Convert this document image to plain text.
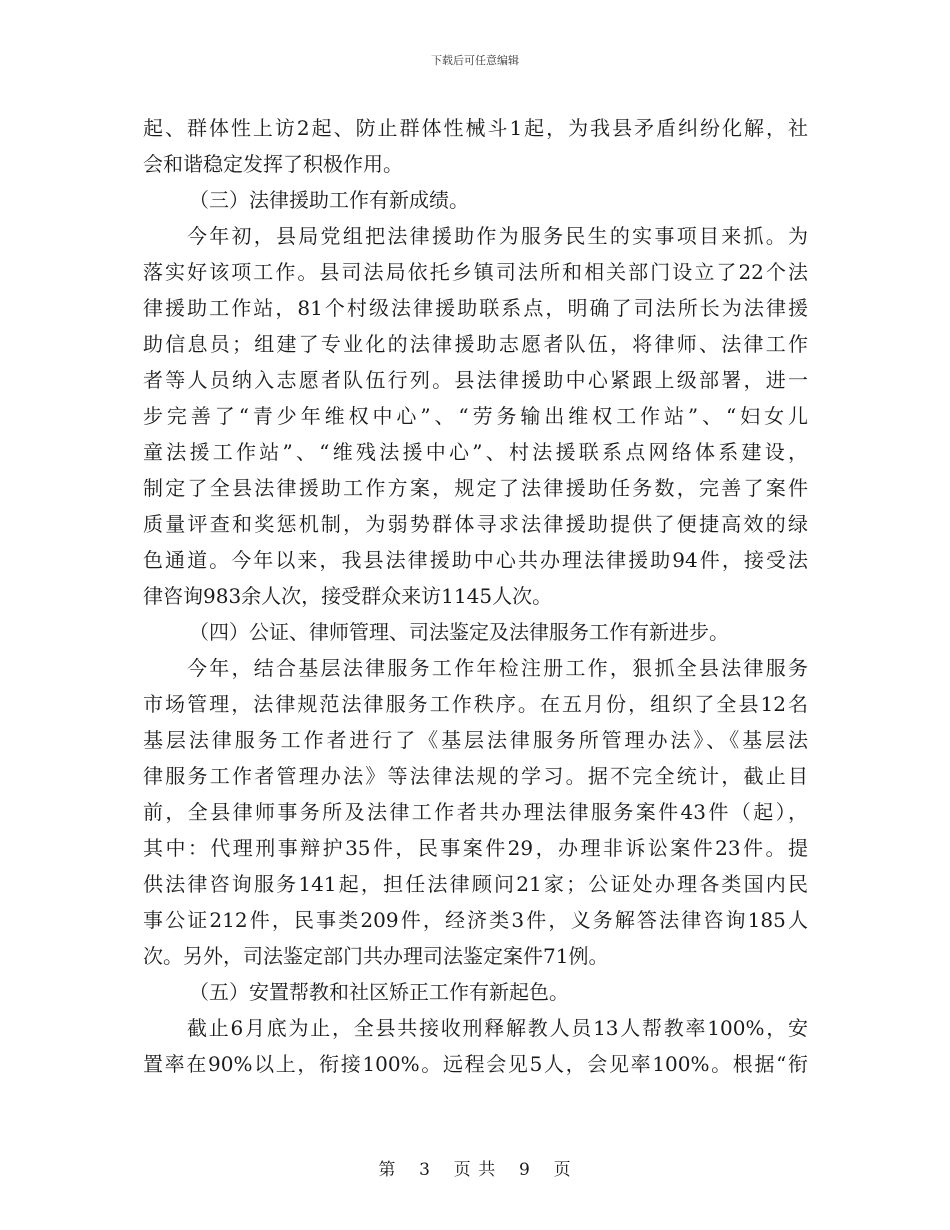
下载后可任意编辑
起、群体性上访2起、防止群体性械斗1起，为我县矛盾纠纷化解，社
会和谐稳定发挥了积极作用。
（三）法律援助工作有新成绩。
今年初，县局党组把法律援助作为服务民生的实事项目来抓。为
落实好该项工作。县司法局依托乡镇司法所和相关部门设立了22个法
律援助工作站，81个村级法律援助联系点，明确了司法所长为法律援
助信息员；组建了专业化的法律援助志愿者队伍，将律师、法律工作
者等人员纳入志愿者队伍行列。县法律援助中心紧跟上级部署，进一
步完善了“青少年维权中心”、“劳务输出维权工作站”、“妇女儿
童法援工作站”、“维残法援中心”、村法援联系点网络体系建设，
制定了全县法律援助工作方案，规定了法律援助任务数，完善了案件
质量评查和奖惩机制，为弱势群体寻求法律援助提供了便捷高效的绿
色通道。今年以来，我县法律援助中心共办理法律援助94件，接受法
律咨询983余人次，接受群众来访1145人次。
（四）公证、律师管理、司法鉴定及法律服务工作有新进步。
今年，结合基层法律服务工作年检注册工作，狠抓全县法律服务
市场管理，法律规范法律服务工作秩序。在五月份，组织了全县12名
基层法律服务工作者进行了《基层法律服务所管理办法》、《基层法
律服务工作者管理办法》等法律法规的学习。据不完全统计，截止目
前，全县律师事务所及法律工作者共办理法律服务案件43件（起），
其中：代理刑事辩护35件，民事案件29，办理非诉讼案件23件。提
供法律咨询服务141起，担任法律顾问21家；公证处办理各类国内民
事公证212件，民事类209件，经济类3件，义务解答法律咨询185人
次。另外，司法鉴定部门共办理司法鉴定案件71例。
（五）安置帮教和社区矫正工作有新起色。
截止6月底为止，全县共接收刑释解教人员13人帮教率100%，安
置率在90%以上，衔接100%。远程会见5人，会见率100%。根据“衔
第 3 页 共 9 页
